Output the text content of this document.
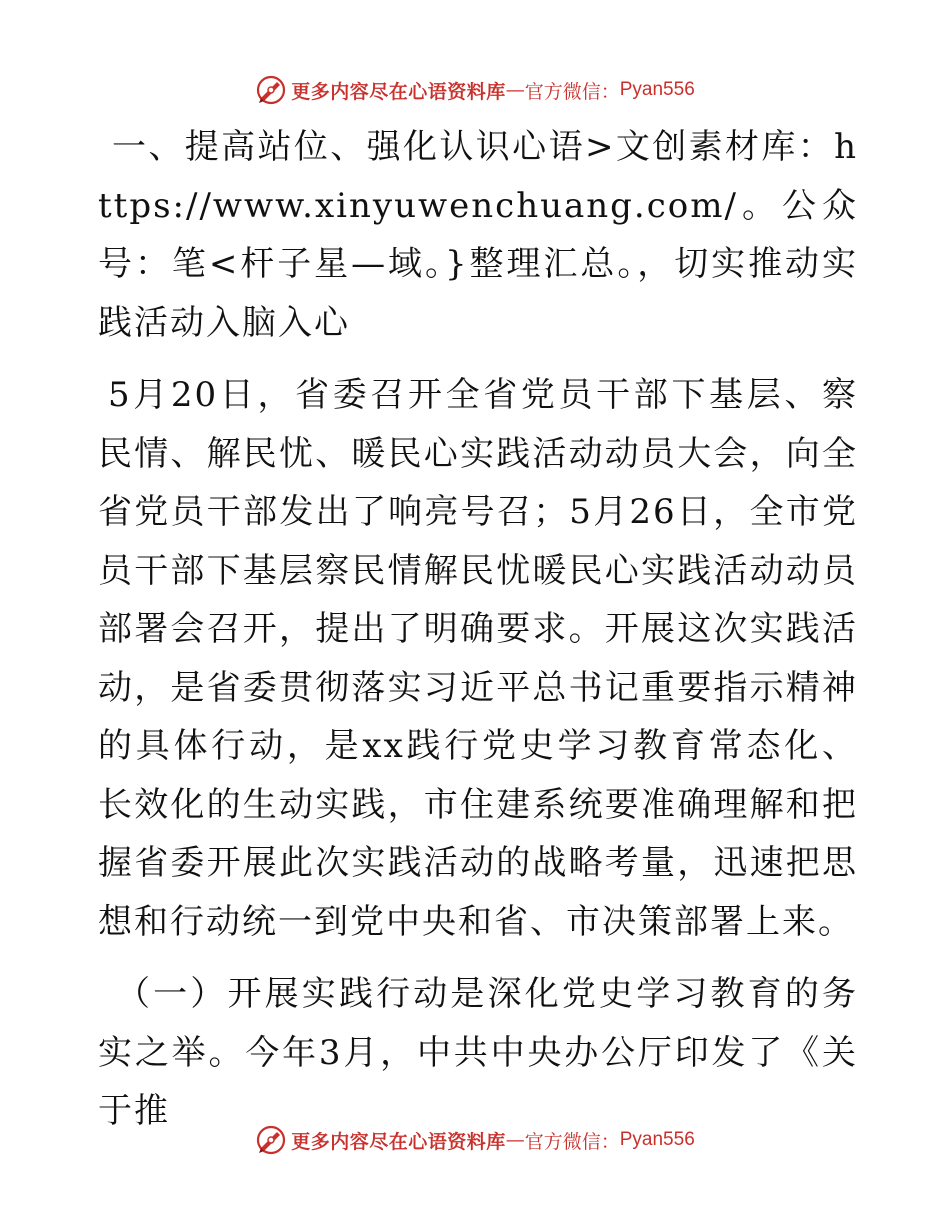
更多内容尽在心语资料库 — 官方微信： Pyan556

一、提高站位、强化认识心语>文创素材库：https://www.xinyuwenchuang.com/。公众号：笔<杆子星—域。}整理汇总。，切实推动实践活动入脑入心

5月20日，省委召开全省党员干部下基层、察民情、解民忧、暖民心实践活动动员大会，向全省党员干部发出了响亮号召；5月26日，全市党员干部下基层察民情解民忧暖民心实践活动动员部署会召开，提出了明确要求。开展这次实践活动，是省委贯彻落实习近平总书记重要指示精神的具体行动，是xx践行党史学习教育常态化、长效化的生动实践，市住建系统要准确理解和把握省委开展此次实践活动的战略考量，迅速把思想和行动统一到党中央和省、市决策部署上来。

（一）开展实践行动是深化党史学习教育的务实之举。今年3月，中共中央办公厅印发了《关于推

更多内容尽在心语资料库 — 官方微信： Pyan556
